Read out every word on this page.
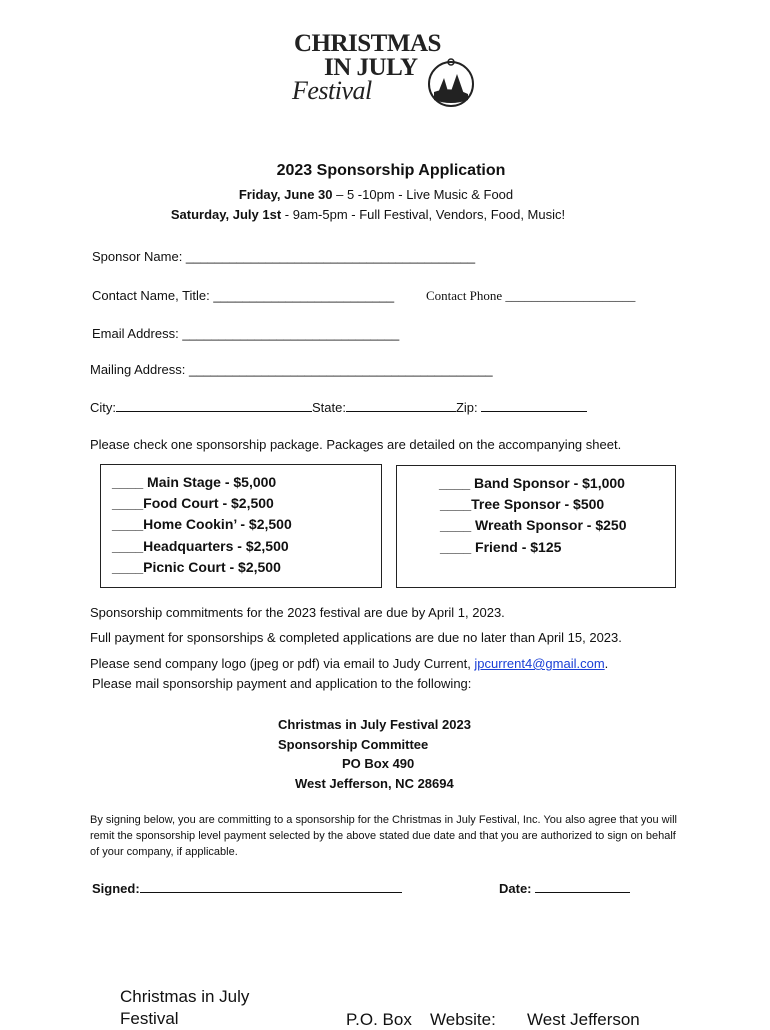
CHRISTMAS
IN JULY
Festival
2023 Sponsorship Application
Friday, June 30 – 5 -10pm - Live Music & Food
Saturday, July 1st - 9am-5pm - Full Festival, Vendors, Food, Music!
Sponsor Name: ________________________________________
Contact Name, Title: _________________________ Contact Phone ____________________
Email Address: ______________________________
Mailing Address: __________________________________________
City:	State:	Zip:
Please check one sponsorship package. Packages are detailed on the accompanying sheet.
____ Main Stage - $5,000
____Food Court - $2,500
____Home Cookin’ - $2,500
____Headquarters - $2,500
____Picnic Court - $2,500
____ Band Sponsor - $1,000
____Tree Sponsor - $500
____ Wreath Sponsor - $250
____ Friend - $125
Sponsorship commitments for the 2023 festival are due by April 1, 2023.
Full payment for sponsorships & completed applications are due no later than April 15, 2023.
Please send company logo (jpeg or pdf) via email to Judy Current, jpcurrent4@gmail.com.
Please mail sponsorship payment and application to the following:
Christmas in July Festival 2023
Sponsorship Committee
PO Box 490
West Jefferson, NC 28694
By signing below, you are committing to a sponsorship for the Christmas in July Festival, Inc. You also agree that you will remit the sponsorship level payment selected by the above stated due date and that you are authorized to sign on behalf of your company, if applicable.
Signed:	Date:
Christmas in July Festival	P.O. Box Website: West Jefferson
